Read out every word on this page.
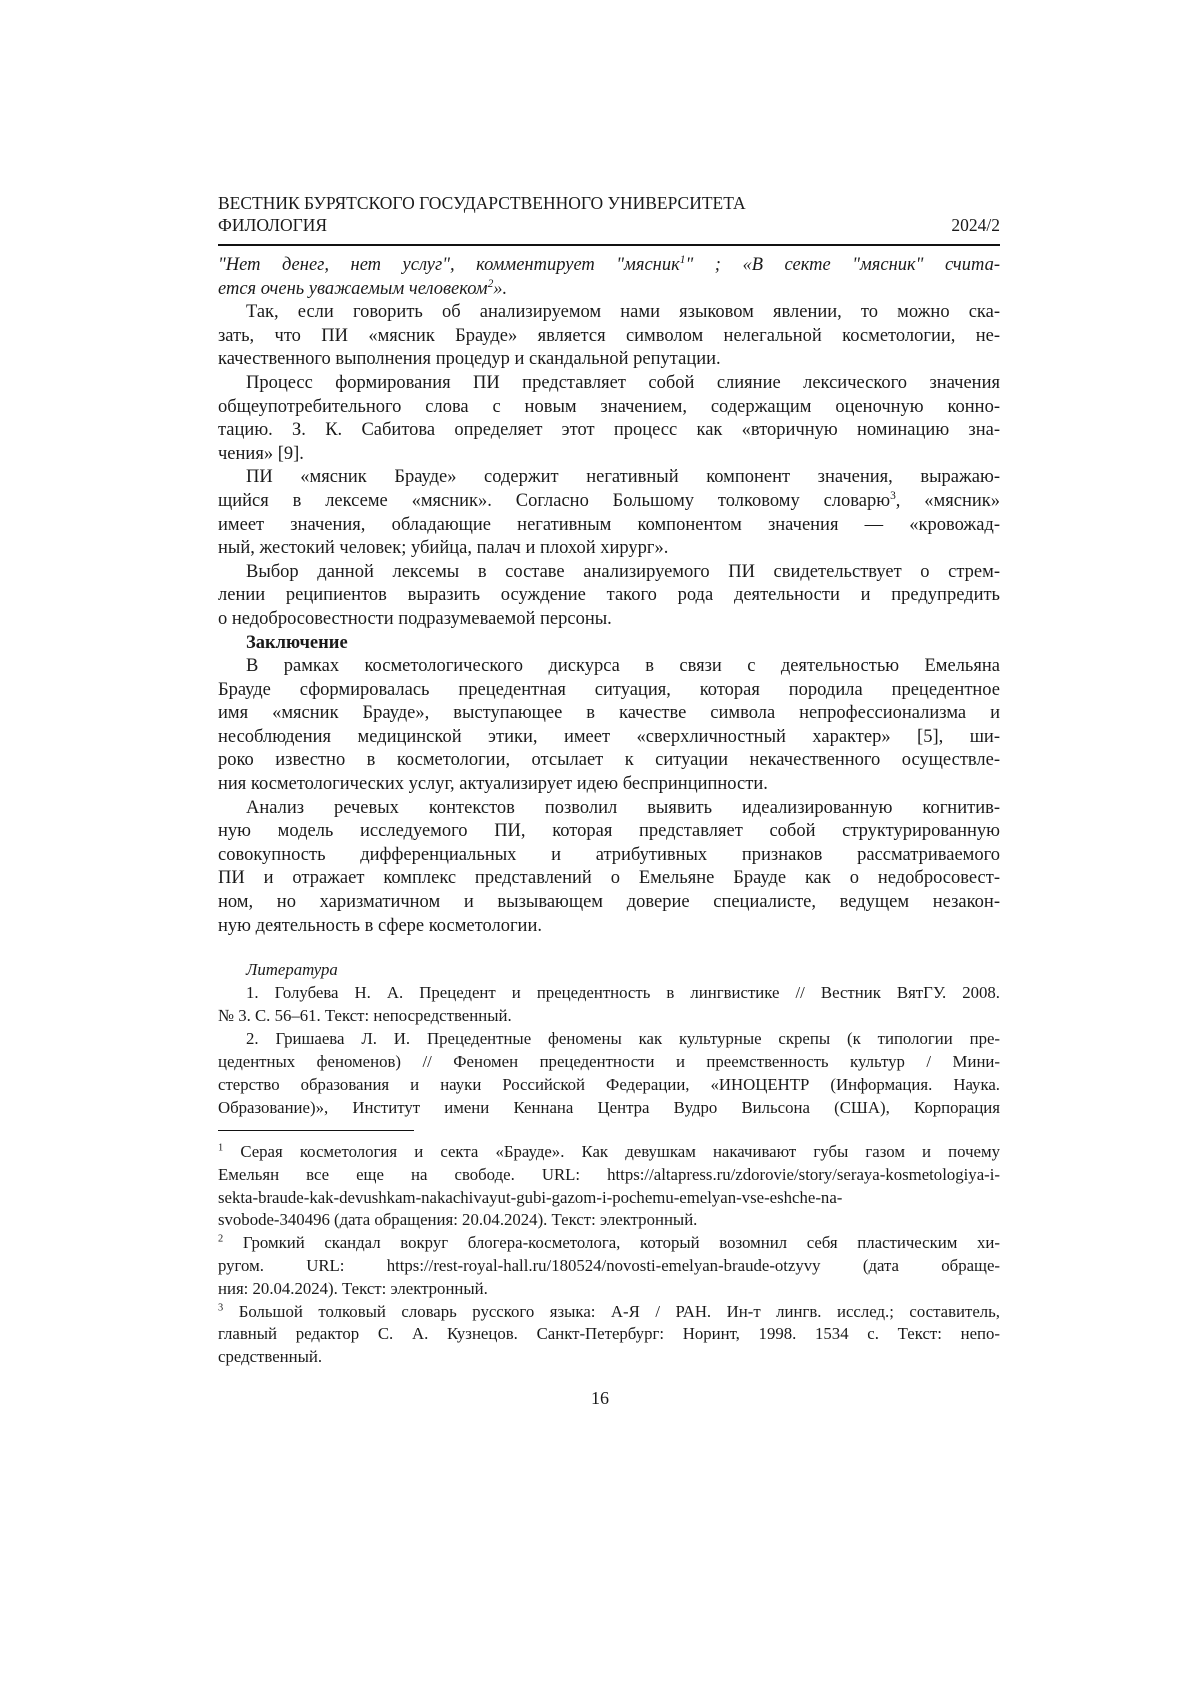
ВЕСТНИК БУРЯТСКОГО ГОСУДАРСТВЕННОГО УНИВЕРСИТЕТА
ФИЛОЛОГИЯ	2024/2
"Нет денег, нет услуг", комментирует "мясник1" ; «В секте "мясник" счита-
ется очень уважаемым человеком2».
Так, если говорить об анализируемом нами языковом явлении, то можно ска-
зать, что ПИ «мясник Брауде» является символом нелегальной косметологии, не-
качественного выполнения процедур и скандальной репутации.
Процесс формирования ПИ представляет собой слияние лексического значения
общеупотребительного слова с новым значением, содержащим оценочную конно-
тацию. З. К. Сабитова определяет этот процесс как «вторичную номинацию зна-
чения» [9].
ПИ «мясник Брауде» содержит негативный компонент значения, выражаю-
щийся в лексеме «мясник». Согласно Большому толковому словарю3, «мясник»
имеет значения, обладающие негативным компонентом значения — «кровожад-
ный, жестокий человек; убийца, палач и плохой хирург».
Выбор данной лексемы в составе анализируемого ПИ свидетельствует о стрем-
лении реципиентов выразить осуждение такого рода деятельности и предупредить
о недобросовестности подразумеваемой персоны.
Заключение
В рамках косметологического дискурса в связи с деятельностью Емельяна
Брауде сформировалась прецедентная ситуация, которая породила прецедентное
имя «мясник Брауде», выступающее в качестве символа непрофессионализма и
несоблюдения медицинской этики, имеет «сверхличностный характер» [5], ши-
роко известно в косметологии, отсылает к ситуации некачественного осуществле-
ния косметологических услуг, актуализирует идею беспринципности.
Анализ речевых контекстов позволил выявить идеализированную когнитив-
ную модель исследуемого ПИ, которая представляет собой структурированную
совокупность дифференциальных и атрибутивных признаков рассматриваемого
ПИ и отражает комплекс представлений о Емельяне Брауде как о недобросовест-
ном, но харизматичном и вызывающем доверие специалисте, ведущем незакон-
ную деятельность в сфере косметологии.
Литература
1. Голубева Н. А. Прецедент и прецедентность в лингвистике // Вестник ВятГУ. 2008.
№ 3. С. 56–61. Текст: непосредственный.
2. Гришаева Л. И. Прецедентные феномены как культурные скрепы (к типологии пре-
цедентных феноменов) // Феномен прецедентности и преемственность культур / Мини-
стерство образования и науки Российской Федерации, «ИНОЦЕНТР (Информация. Наука.
Образование)», Институт имени Кеннана Центра Вудро Вильсона (США), Корпорация
1 Серая косметология и секта «Брауде». Как девушкам накачивают губы газом и почему
Емельян все еще на свободе. URL: https://altapress.ru/zdorovie/story/seraya-kosmetologiya-i-
sekta-braude-kak-devushkam-nakachivayut-gubi-gazom-i-pochemu-emelyan-vse-eshche-na-
svobode-340496 (дата обращения: 20.04.2024). Текст: электронный.
2 Громкий скандал вокруг блогера-косметолога, который возомнил себя пластическим хи-
ругом. URL: https://rest-royal-hall.ru/180524/novosti-emelyan-braude-otzyvy (дата обраще-
ния: 20.04.2024). Текст: электронный.
3 Большой толковый словарь русского языка: А-Я / РАН. Ин-т лингв. исслед.; составитель,
главный редактор С. А. Кузнецов. Санкт-Петербург: Норинт, 1998. 1534 с. Текст: непо-
средственный.
16
